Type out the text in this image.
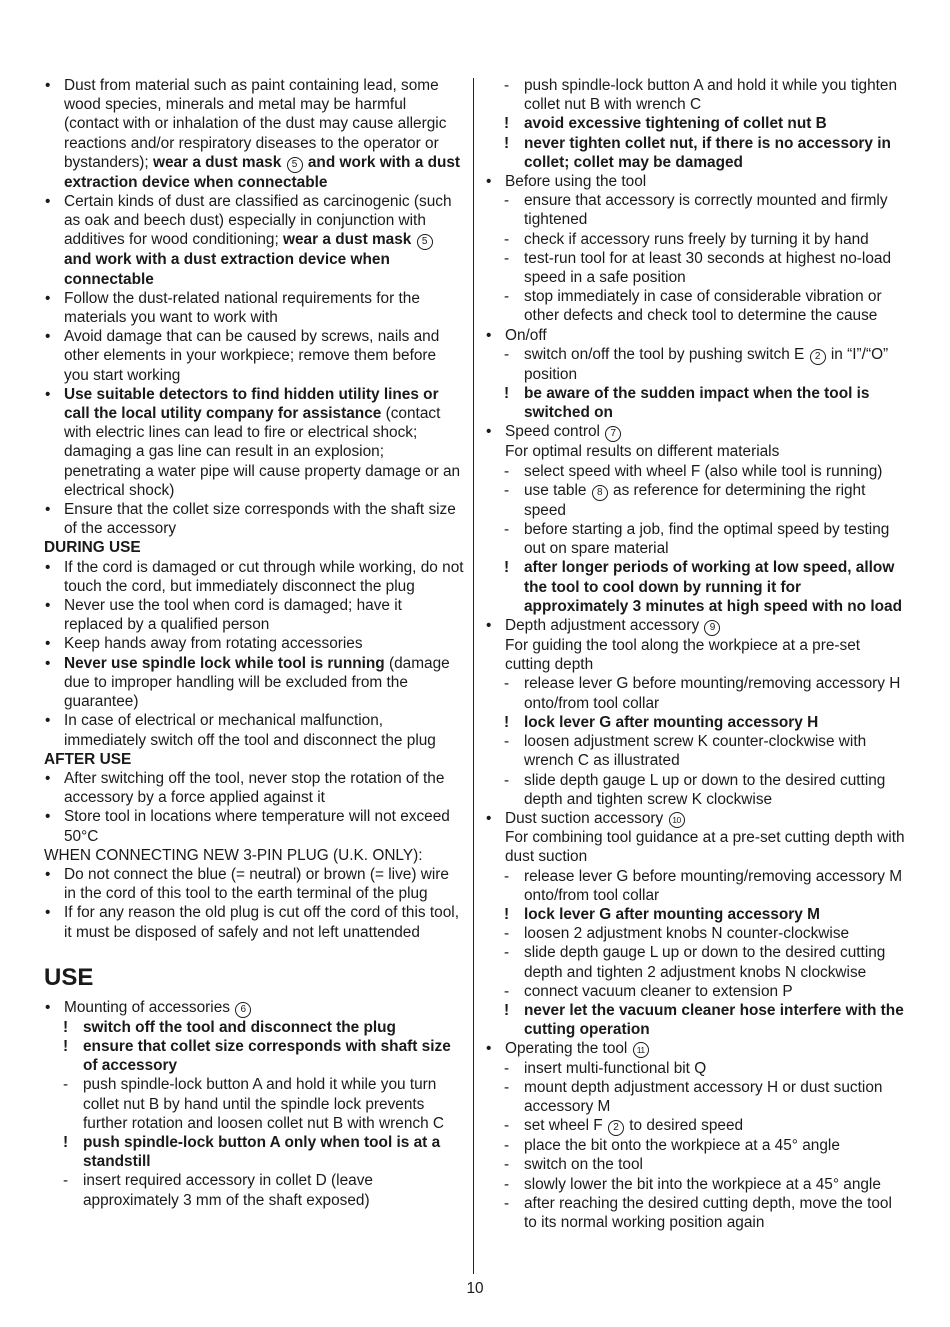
• Dust from material such as paint containing lead, some wood species, minerals and metal may be harmful (contact with or inhalation of the dust may cause allergic reactions and/or respiratory diseases to the operator or bystanders); wear a dust mask 5 and work with a dust extraction device when connectable
• Certain kinds of dust are classified as carcinogenic (such as oak and beech dust) especially in conjunction with additives for wood conditioning; wear a dust mask 5 and work with a dust extraction device when connectable
• Follow the dust-related national requirements for the materials you want to work with
• Avoid damage that can be caused by screws, nails and other elements in your workpiece; remove them before you start working
• Use suitable detectors to find hidden utility lines or call the local utility company for assistance (contact with electric lines can lead to fire or electrical shock; damaging a gas line can result in an explosion; penetrating a water pipe will cause property damage or an electrical shock)
• Ensure that the collet size corresponds with the shaft size of the accessory
DURING USE
• If the cord is damaged or cut through while working, do not touch the cord, but immediately disconnect the plug
• Never use the tool when cord is damaged; have it replaced by a qualified person
• Keep hands away from rotating accessories
• Never use spindle lock while tool is running (damage due to improper handling will be excluded from the guarantee)
• In case of electrical or mechanical malfunction, immediately switch off the tool and disconnect the plug
AFTER USE
• After switching off the tool, never stop the rotation of the accessory by a force applied against it
• Store tool in locations where temperature will not exceed 50°C
WHEN CONNECTING NEW 3-PIN PLUG (U.K. ONLY):
• Do not connect the blue (= neutral) or brown (= live) wire in the cord of this tool to the earth terminal of the plug
• If for any reason the old plug is cut off the cord of this tool, it must be disposed of safely and not left unattended
USE
• Mounting of accessories 6
! switch off the tool and disconnect the plug
! ensure that collet size corresponds with shaft size of accessory
- push spindle-lock button A and hold it while you turn collet nut B by hand until the spindle lock prevents further rotation and loosen collet nut B with wrench C
! push spindle-lock button A only when tool is at a standstill
- insert required accessory in collet D (leave approximately 3 mm of the shaft exposed)
- push spindle-lock button A and hold it while you tighten collet nut B with wrench C
! avoid excessive tightening of collet nut B
! never tighten collet nut, if there is no accessory in collet; collet may be damaged
• Before using the tool
- ensure that accessory is correctly mounted and firmly tightened
- check if accessory runs freely by turning it by hand
- test-run tool for at least 30 seconds at highest no-load speed in a safe position
- stop immediately in case of considerable vibration or other defects and check tool to determine the cause
• On/off
- switch on/off the tool by pushing switch E 2 in “I”/“O” position
! be aware of the sudden impact when the tool is switched on
• Speed control 7
For optimal results on different materials
- select speed with wheel F (also while tool is running)
- use table 8 as reference for determining the right speed
- before starting a job, find the optimal speed by testing out on spare material
! after longer periods of working at low speed, allow the tool to cool down by running it for approximately 3 minutes at high speed with no load
• Depth adjustment accessory 9
For guiding the tool along the workpiece at a pre-set cutting depth
- release lever G before mounting/removing accessory H onto/from tool collar
! lock lever G after mounting accessory H
- loosen adjustment screw K counter-clockwise with wrench C as illustrated
- slide depth gauge L up or down to the desired cutting depth and tighten screw K clockwise
• Dust suction accessory 10
For combining tool guidance at a pre-set cutting depth with dust suction
- release lever G before mounting/removing accessory M onto/from tool collar
! lock lever G after mounting accessory M
- loosen 2 adjustment knobs N counter-clockwise
- slide depth gauge L up or down to the desired cutting depth and tighten 2 adjustment knobs N clockwise
- connect vacuum cleaner to extension P
! never let the vacuum cleaner hose interfere with the cutting operation
• Operating the tool 11
- insert multi-functional bit Q
- mount depth adjustment accessory H or dust suction accessory M
- set wheel F 2 to desired speed
- place the bit onto the workpiece at a 45° angle
- switch on the tool
- slowly lower the bit into the workpiece at a 45° angle
- after reaching the desired cutting depth, move the tool to its normal working position again
10
